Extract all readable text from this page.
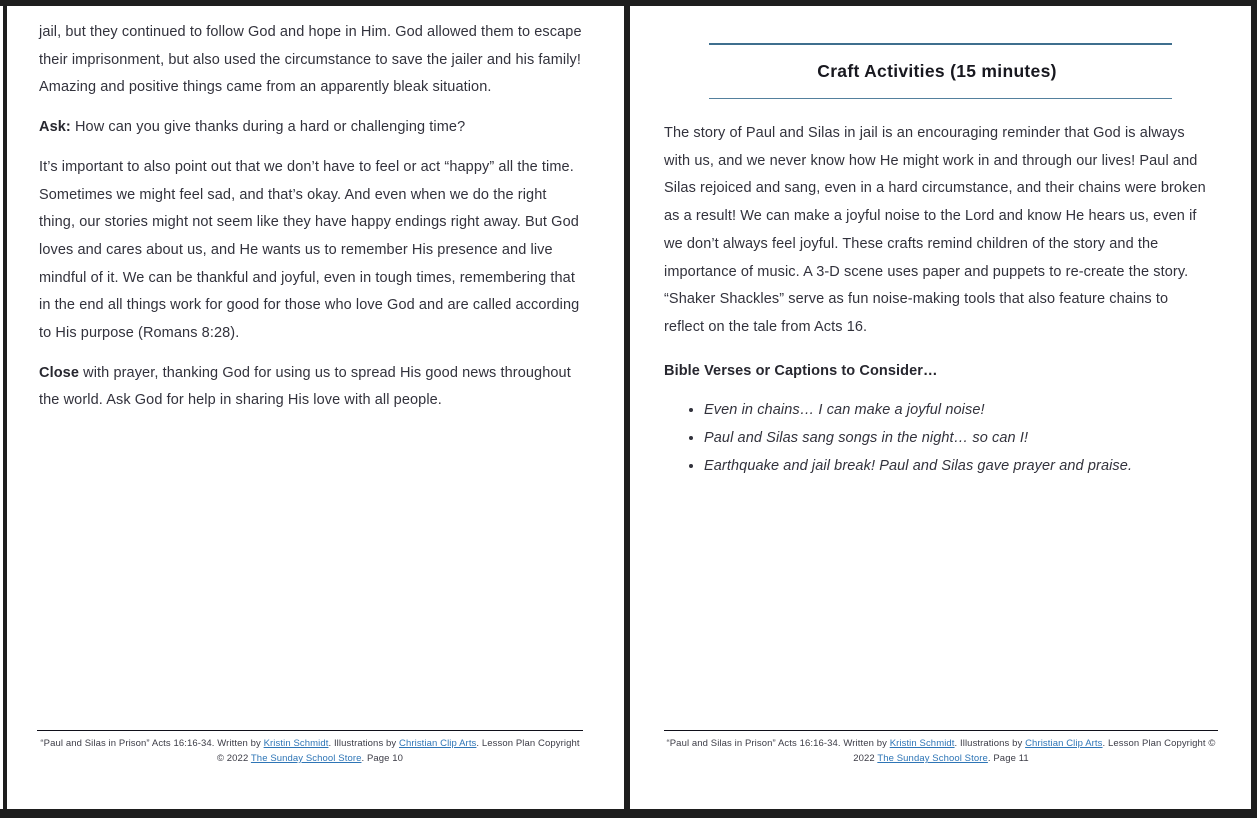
jail, but they continued to follow God and hope in Him. God allowed them to escape their imprisonment, but also used the circumstance to save the jailer and his family! Amazing and positive things came from an apparently bleak situation.

Ask: How can you give thanks during a hard or challenging time?

It’s important to also point out that we don’t have to feel or act “happy” all the time. Sometimes we might feel sad, and that’s okay. And even when we do the right thing, our stories might not seem like they have happy endings right away. But God loves and cares about us, and He wants us to remember His presence and live mindful of it. We can be thankful and joyful, even in tough times, remembering that in the end all things work for good for those who love God and are called according to His purpose (Romans 8:28).

Close with prayer, thanking God for using us to spread His good news throughout the world. Ask God for help in sharing His love with all people.

“Paul and Silas in Prison” Acts 16:16-34. Written by Kristin Schmidt. Illustrations by Christian Clip Arts. Lesson Plan Copyright © 2022 The Sunday School Store. Page 10
Craft Activities (15 minutes)

The story of Paul and Silas in jail is an encouraging reminder that God is always with us, and we never know how He might work in and through our lives! Paul and Silas rejoiced and sang, even in a hard circumstance, and their chains were broken as a result! We can make a joyful noise to the Lord and know He hears us, even if we don’t always feel joyful. These crafts remind children of the story and the importance of music. A 3-D scene uses paper and puppets to re-create the story. “Shaker Shackles” serve as fun noise-making tools that also feature chains to reflect on the tale from Acts 16.

Bible Verses or Captions to Consider…

• Even in chains… I can make a joyful noise!
• Paul and Silas sang songs in the night… so can I!
• Earthquake and jail break! Paul and Silas gave prayer and praise.
“Paul and Silas in Prison” Acts 16:16-34. Written by Kristin Schmidt. Illustrations by Christian Clip Arts. Lesson Plan Copyright © 2022 The Sunday School Store. Page 11
